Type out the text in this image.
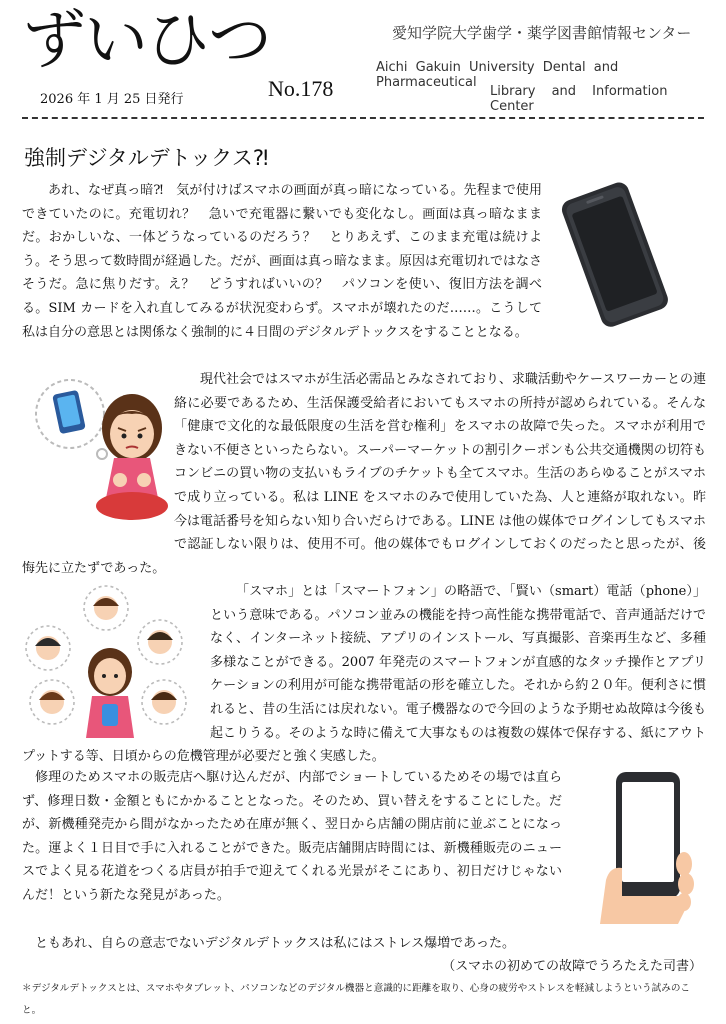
ずいひつ
2026 年 1 月 25 日発行	No.178
愛知学院大学歯学・薬学図書館情報センター
Aichi Gakuin University Dental and Pharmaceutical
Library and Information Center
強制デジタルデトックス⁈

あれ、なぜ真っ暗⁈　気が付けばスマホの画面が真っ暗になっている。先程まで使用できていたのに。充電切れ？　急いで充電器に繋いでも変化なし。画面は真っ暗なままだ。おかしいな、一体どうなっているのだろう？　とりあえず、このまま充電は続けよう。そう思って数時間が経過した。だが、画面は真っ暗なまま。原因は充電切れではなさそうだ。急に焦りだす。え？　どうすればいいの？　パソコンを使い、復旧方法を調べる。SIM カードを入れ直してみるが状況変わらず。スマホが壊れたのだ……。こうして私は自分の意思とは関係なく強制的に４日間のデジタルデトックスをすることとなる。

現代社会ではスマホが生活必需品とみなされており、求職活動やケースワーカーとの連絡に必要であるため、生活保護受給者においてもスマホの所持が認められている。そんな「健康で文化的な最低限度の生活を営む権利」をスマホの故障で失った。スマホが利用できない不便さといったらない。スーパーマーケットの割引クーポンも公共交通機関の切符もコンビニの買い物の支払いもライブのチケットも全てスマホ。生活のあらゆることがスマホで成り立っている。私は LINE をスマホのみで使用していた為、人と連絡が取れない。昨今は電話番号を知らない知り合いだらけである。LINE は他の媒体でログインしてもスマホで認証しない限りは、使用不可。他の媒体でもログインしておくのだったと思ったが、後悔先に立たずであった。
「スマホ」とは「スマートフォン」の略語で、「賢い（smart）電話（phone）」という意味である。パソコン並みの機能を持つ高性能な携帯電話で、音声通話だけでなく、インターネット接続、アプリのインストール、写真撮影、音楽再生など、多種多様なことができる。2007 年発売のスマートフォンが直感的なタッチ操作とアプリケーションの利用が可能な携帯電話の形を確立した。それから約２０年。便利さに慣れると、昔の生活には戻れない。電子機器なので今回のような予期せぬ故障は今後も起こりうる。そのような時に備えて大事なものは複数の媒体で保存する、紙にアウトプットする等、日頃からの危機管理が必要だと強く実感した。

修理のためスマホの販売店へ駆け込んだが、内部でショートしているためその場では直らず、修理日数・金額ともにかかることとなった。そのため、買い替えをすることにした。だが、新機種発売から間がなかったため在庫が無く、翌日から店舗の開店前に並ぶことになった。運よく１日目で手に入れることができた。販売店舗開店時間には、新機種販売のニュースでよく見る花道をつくる店員が拍手で迎えてくれる光景がそこにあり、初日だけじゃないんだ！という新たな発見があった。

ともあれ、自らの意志でないデジタルデトックスは私にはストレス爆増であった。

（スマホの初めての故障でうろたえた司書）
＊デジタルデトックスとは、スマホやタブレット、パソコンなどのデジタル機器と意識的に距離を取り、心身の疲労やストレスを軽減しようという試みのこと。
